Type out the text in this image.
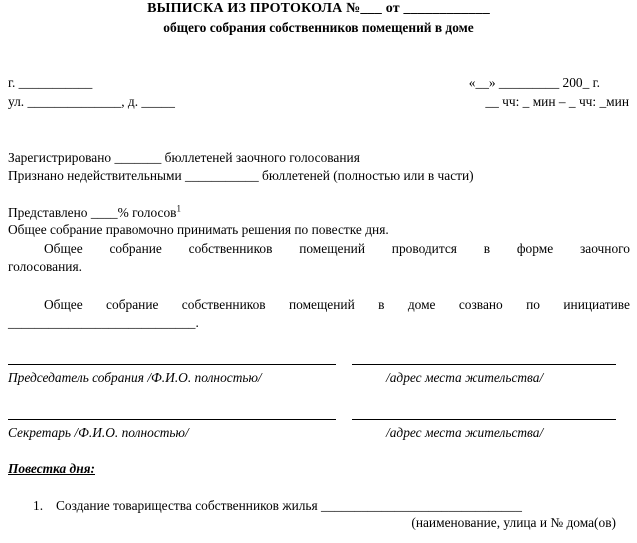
ВЫПИСКА ИЗ ПРОТОКОЛА №___ от ____________
общего собрания собственников помещений в доме
г. ___________
ул. ______________, д. _____
«__» _________ 200_ г.
__ чч: _ мин – _ чч: _мин
Зарегистрировано _______ бюллетеней заочного голосования
Признано недействительными ___________ бюллетеней (полностью или в части)
Представлено ____% голосов$^1$
Общее собрание правомочно принимать решения по повестке дня.
Общее собрание собственников помещений проводится в форме заочного
голосования.
Общее собрание собственников помещений в доме созвано по инициативе
____________________________.
Председатель собрания /Ф.И.О. полностью/	/адрес места жительства/
Секретарь /Ф.И.О. полностью/	/адрес места жительства/
Повестка дня:
1. Создание товарищества собственников жилья ______________________________
(наименование, улица и № дома(ов)
